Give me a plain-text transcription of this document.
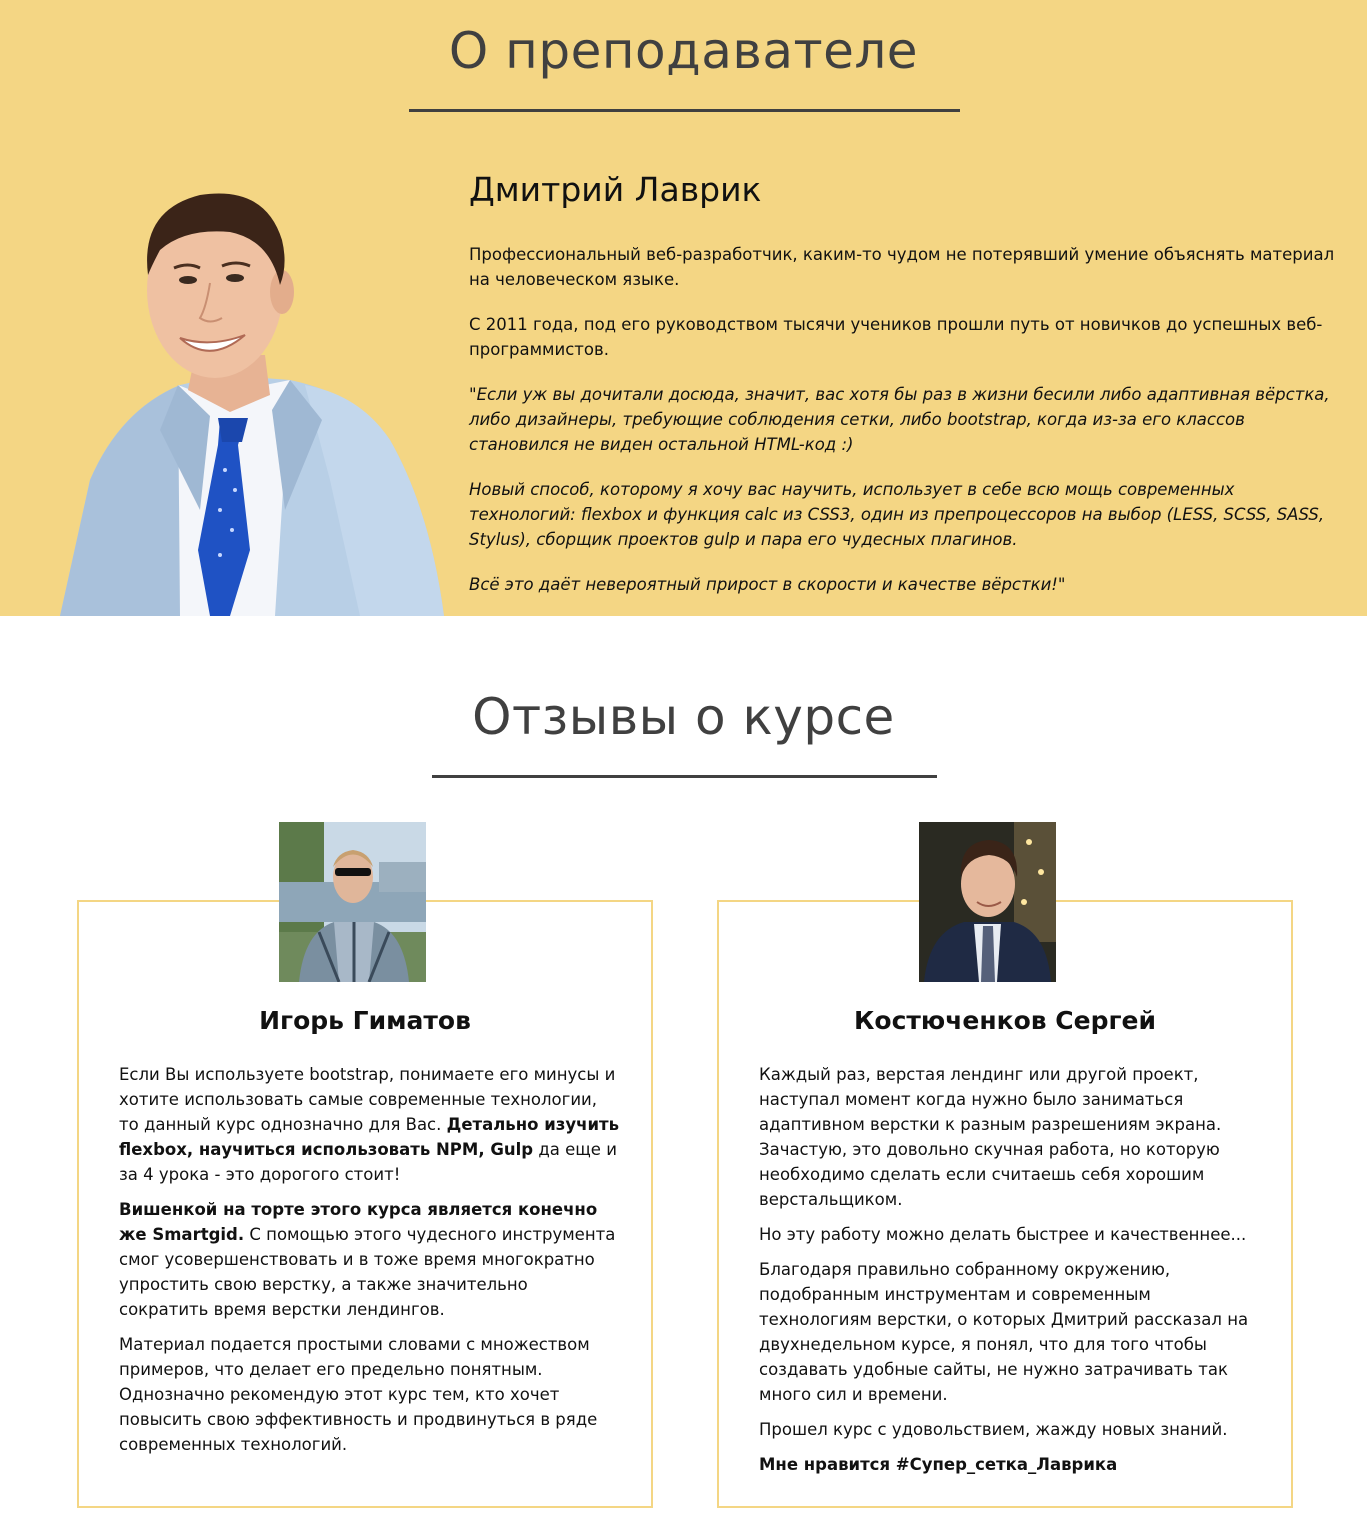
О преподавателе
Дмитрий Лаврик

Профессиональный веб-разработчик, каким-то чудом не потерявший умение объяснять материал на человеческом языке.

С 2011 года, под его руководством тысячи учеников прошли путь от новичков до успешных веб-программистов.

"Если уж вы дочитали досюда, значит, вас хотя бы раз в жизни бесили либо адаптивная вёрстка, либо дизайнеры, требующие соблюдения сетки, либо bootstrap, когда из-за его классов становился не виден остальной HTML-код :)

Новый способ, которому я хочу вас научить, использует в себе всю мощь современных технологий: flexbox и функция calc из CSS3, один из препроцессоров на выбор (LESS, SCSS, SASS, Stylus), сборщик проектов gulp и пара его чудесных плагинов.

Всё это даёт невероятный прирост в скорости и качестве вёрстки!"

Отзывы о курсе
Игорь Гиматов

Если Вы используете bootstrap, понимаете его минусы и хотите использовать самые современные технологии, то данный курс однозначно для Вас. Детально изучить flexbox, научиться использовать NPM, Gulp да еще и за 4 урока - это дорогого стоит!

Вишенкой на торте этого курса является конечно же Smartgid. С помощью этого чудесного инструмента смог усовершенствовать и в тоже время многократно упростить свою верстку, а также значительно сократить время верстки лендингов.

Материал подается простыми словами с множеством примеров, что делает его предельно понятным. Однозначно рекомендую этот курс тем, кто хочет повысить свою эффективность и продвинуться в ряде современных технологий.

Костюченков Сергей

Каждый раз, верстая лендинг или другой проект, наступал момент когда нужно было заниматься адаптивном верстки к разным разрешениям экрана. Зачастую, это довольно скучная работа, но которую необходимо сделать если считаешь себя хорошим верстальщиком.

Но эту работу можно делать быстрее и качественнее...

Благодаря правильно собранному окружению, подобранным инструментам и современным технологиям верстки, о которых Дмитрий рассказал на двухнедельном курсе, я понял, что для того чтобы создавать удобные сайты, не нужно затрачивать так много сил и времени.

Прошел курс с удовольствием, жажду новых знаний.

Мне нравится #Супер_сетка_Лаврика
